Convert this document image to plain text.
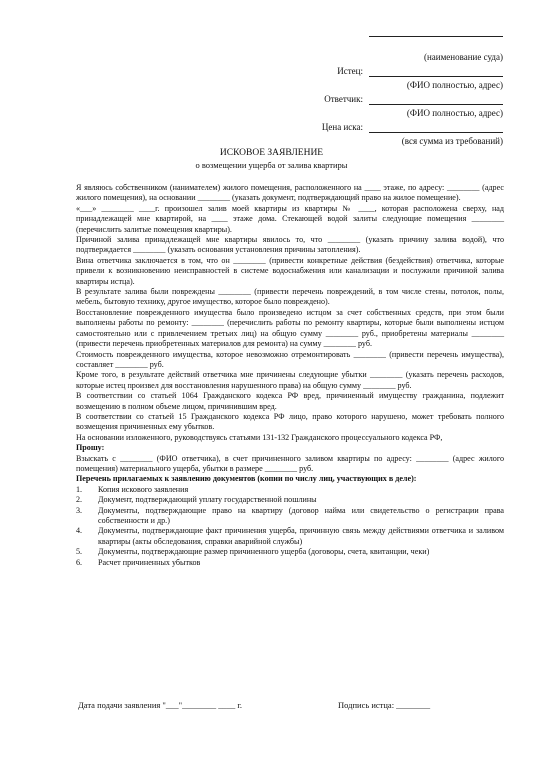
(наименование суда)
Истец:
(ФИО полностью, адрес)
Ответчик:
(ФИО полностью, адрес)
Цена иска:
(вся сумма из требований)
ИСКОВОЕ ЗАЯВЛЕНИЕ
о возмещении ущерба от залива квартиры

Я являюсь собственником (нанимателем) жилого помещения, расположенного на ____ этаже, по адресу: ________ (адрес жилого помещения), на основании ________ (указать документ, подтверждающий право на жилое помещение).

«___» ________ ____г. произошел залив моей квартиры из квартиры № ____, которая расположена сверху, над принадлежащей мне квартирой, на ____ этаже дома. Стекающей водой залиты следующие помещения ________ (перечислить залитые помещения квартиры).

Причиной залива принадлежащей мне квартиры явилось то, что ________ (указать причину залива водой), что подтверждается ________ (указать основания установления причины затопления).

Вина ответчика заключается в том, что он ________ (привести конкретные действия (бездействия) ответчика, которые привели к возникновению неисправностей в системе водоснабжения или канализации и послужили причиной залива квартиры истца).

В результате залива были повреждены ________ (привести перечень повреждений, в том числе стены, потолок, полы, мебель, бытовую технику, другое имущество, которое было повреждено).

Восстановление поврежденного имущества было произведено истцом за счет собственных средств, при этом были выполнены работы по ремонту: ________ (перечислить работы по ремонту квартиры, которые были выполнены истцом самостоятельно или с привлечением третьих лиц) на общую сумму ________ руб., приобретены материалы ________ (привести перечень приобретенных материалов для ремонта) на сумму ________ руб.

Стоимость поврежденного имущества, которое невозможно отремонтировать ________ (привести перечень имущества), составляет ________ руб.

Кроме того, в результате действий ответчика мне причинены следующие убытки ________ (указать перечень расходов, которые истец произвел для восстановления нарушенного права) на общую сумму ________ руб.

В соответствии со статьей 1064 Гражданского кодекса РФ вред, причиненный имуществу гражданина, подлежит возмещению в полном объеме лицом, причинившим вред.

В соответствии со статьей 15 Гражданского кодекса РФ лицо, право которого нарушено, может требовать полного возмещения причиненных ему убытков.

На основании изложенного, руководствуясь статьями 131-132 Гражданского процессуального кодекса РФ,

Прошу:

Взыскать с ________ (ФИО ответчика), в счет причиненного заливом квартиры по адресу: ________ (адрес жилого помещения) материального ущерба, убытки в размере ________ руб.

Перечень прилагаемых к заявлению документов (копии по числу лиц, участвующих в деле):

1.	Копия искового заявления
2.	Документ, подтверждающий уплату государственной пошлины
3.	Документы, подтверждающие право на квартиру (договор найма или свидетельство о регистрации права собственности и др.)
4.	Документы, подтверждающие факт причинения ущерба, причинную связь между действиями ответчика и заливом квартиры (акты обследования, справки аварийной службы)
5.	Документы, подтверждающие размер причиненного ущерба (договоры, счета, квитанции, чеки)
6.	Расчет причиненных убытков
Дата подачи заявления "___"________ ____ г.	Подпись истца: ________
